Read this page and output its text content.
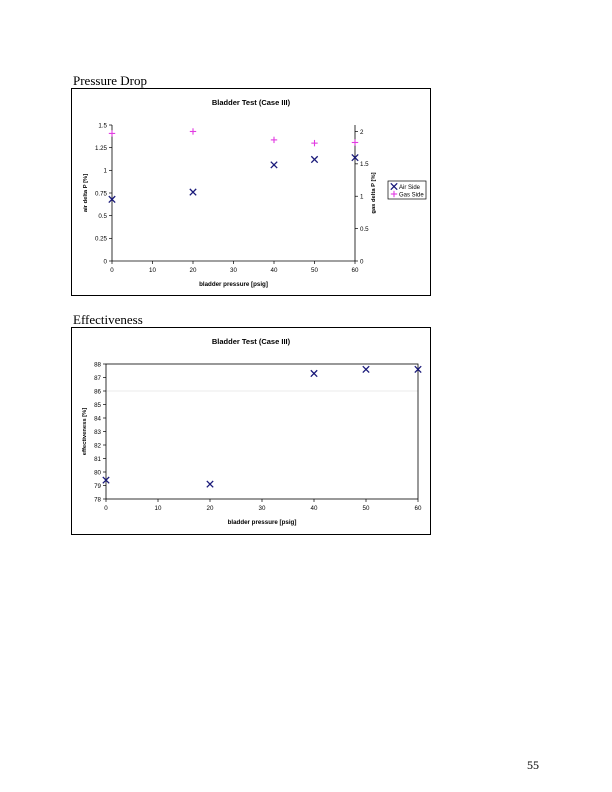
Pressure Drop
Bladder Test (Case III)
0
0.25
0.5
0.75
1
1.25
1.5
0
0.5
1
1.5
2
0	10	20	30	40	50	60
bladder pressure [psig]
air delta P [%]	gas delta P [%]	Air Side
Gas Side
Effectiveness
Bladder Test (Case III)
78
79
80
81
82
83
84
85
86
87
88
0	10	20	30	40	50	60
bladder pressure [psig]
effectiveness [%]
55
